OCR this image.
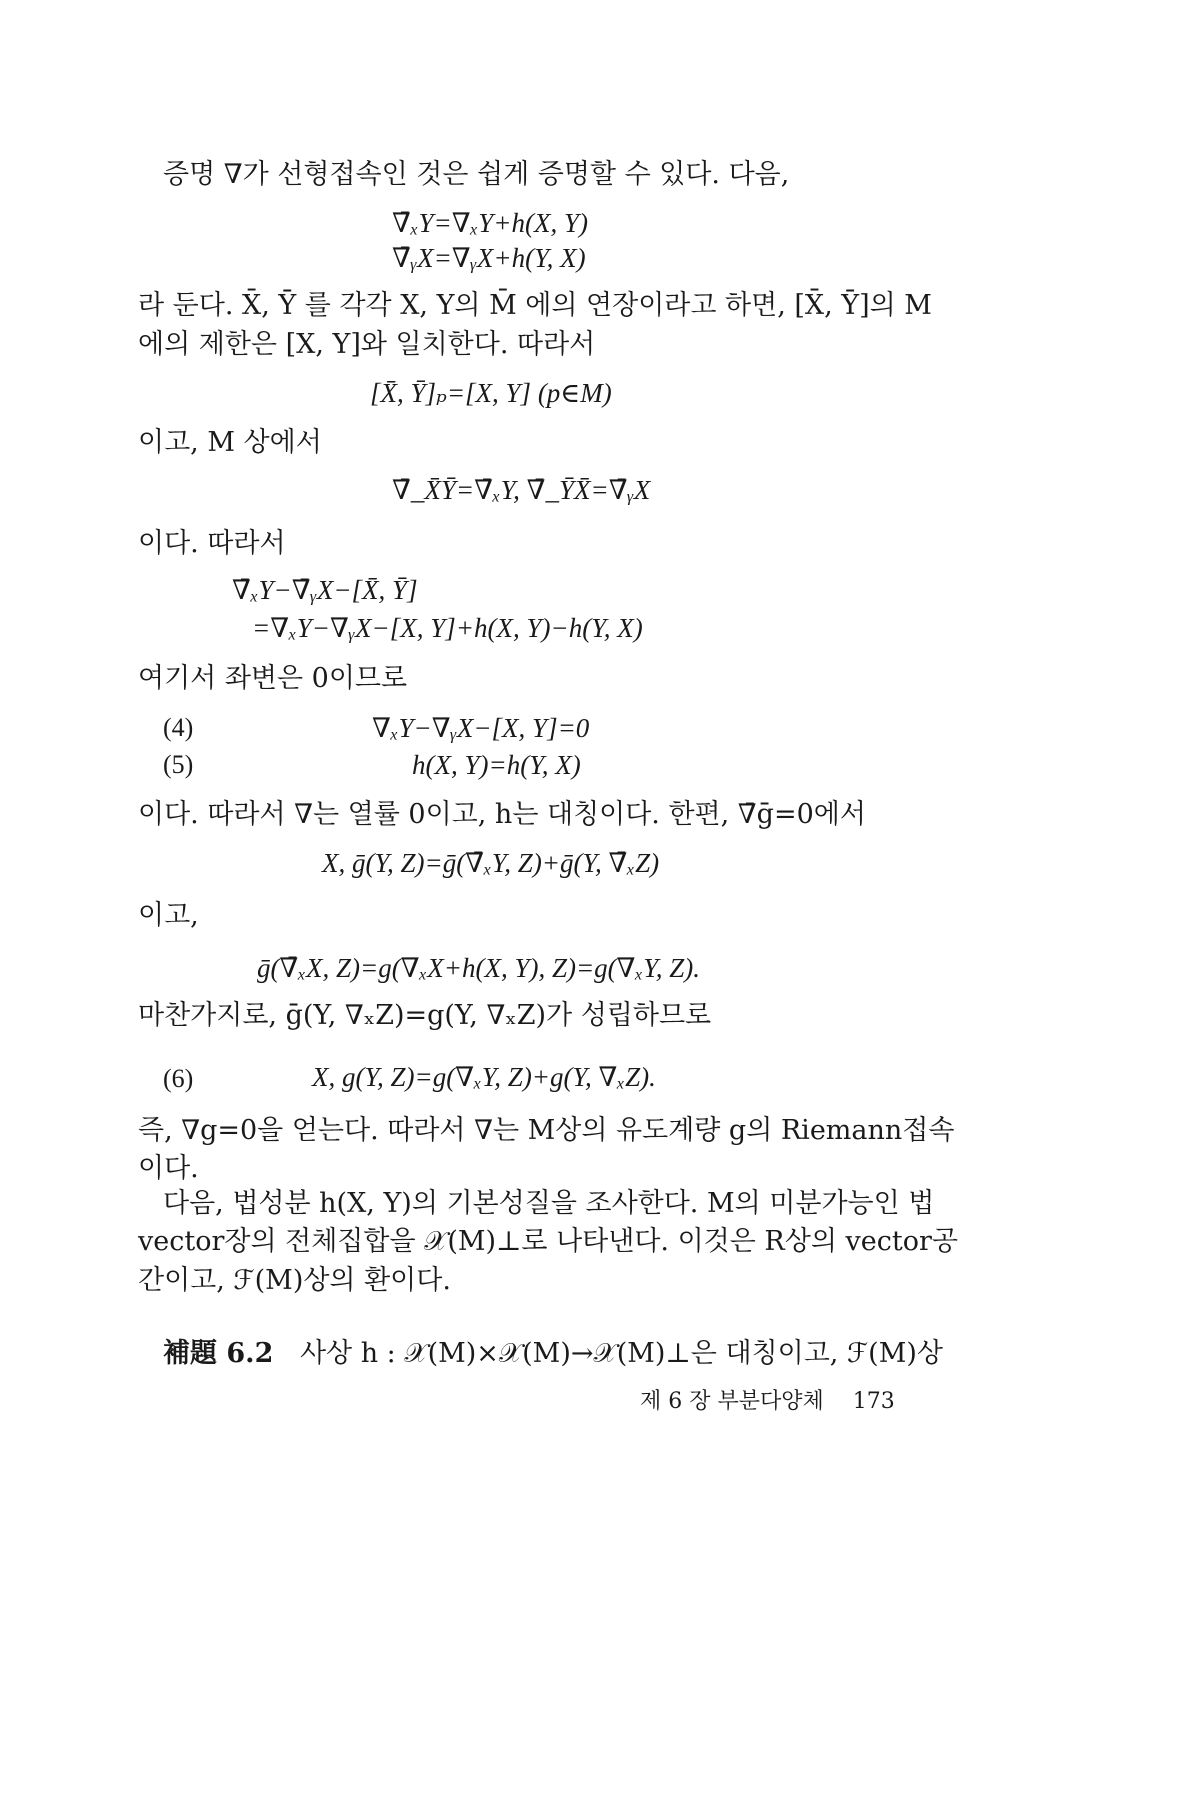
증명 ∇가 선형접속인 것은 쉽게 증명할 수 있다. 다음,
∇̄ₓY=∇ₓY+h(X, Y)
∇̄ᵧX=∇ᵧX+h(Y, X)
라 둔다. X̄, Ȳ 를 각각 X, Y의 M̄ 에의 연장이라고 하면, [X̄, Ȳ]의 M
에의 제한은 [X, Y]와 일치한다. 따라서
[X̄, Ȳ]ₚ=[X, Y] (p∈M)
이고, M 상에서
∇̄_X̄Ȳ=∇̄ₓY, ∇̄_ȲX̄=∇̄ᵧX
이다. 따라서
∇̄ₓY−∇̄ᵧX−[X̄, Ȳ]
=∇ₓY−∇ᵧX−[X, Y]+h(X, Y)−h(Y, X)
여기서 좌변은 0이므로
(4)	∇ₓY−∇ᵧX−[X, Y]=0
(5)	h(X, Y)=h(Y, X)
이다. 따라서 ∇는 열률 0이고, h는 대칭이다. 한편, ∇̄ḡ=0에서
X, ḡ(Y, Z)=ḡ(∇̄ₓY, Z)+ḡ(Y, ∇̄ₓZ)
이고,
ḡ(∇̄ₓX, Z)=g(∇ₓX+h(X, Y), Z)=g(∇ₓY, Z).
마찬가지로, ḡ(Y, ∇ₓZ)=g(Y, ∇ₓZ)가 성립하므로
(6)	X, g(Y, Z)=g(∇ₓY, Z)+g(Y, ∇ₓZ).
즉, ∇g=0을 얻는다. 따라서 ∇는 M상의 유도계량 g의 Riemann접속
이다.
다음, 법성분 h(X, Y)의 기본성질을 조사한다. M의 미분가능인 법
vector장의 전체집합을 𝒳(M)⊥로 나타낸다. 이것은 R상의 vector공
간이고, ℱ(M)상의 환이다.
補題 6.2 사상 h : 𝒳(M)×𝒳(M)→𝒳(M)⊥은 대칭이고, ℱ(M)상
제 6 장 부분다양체 173
